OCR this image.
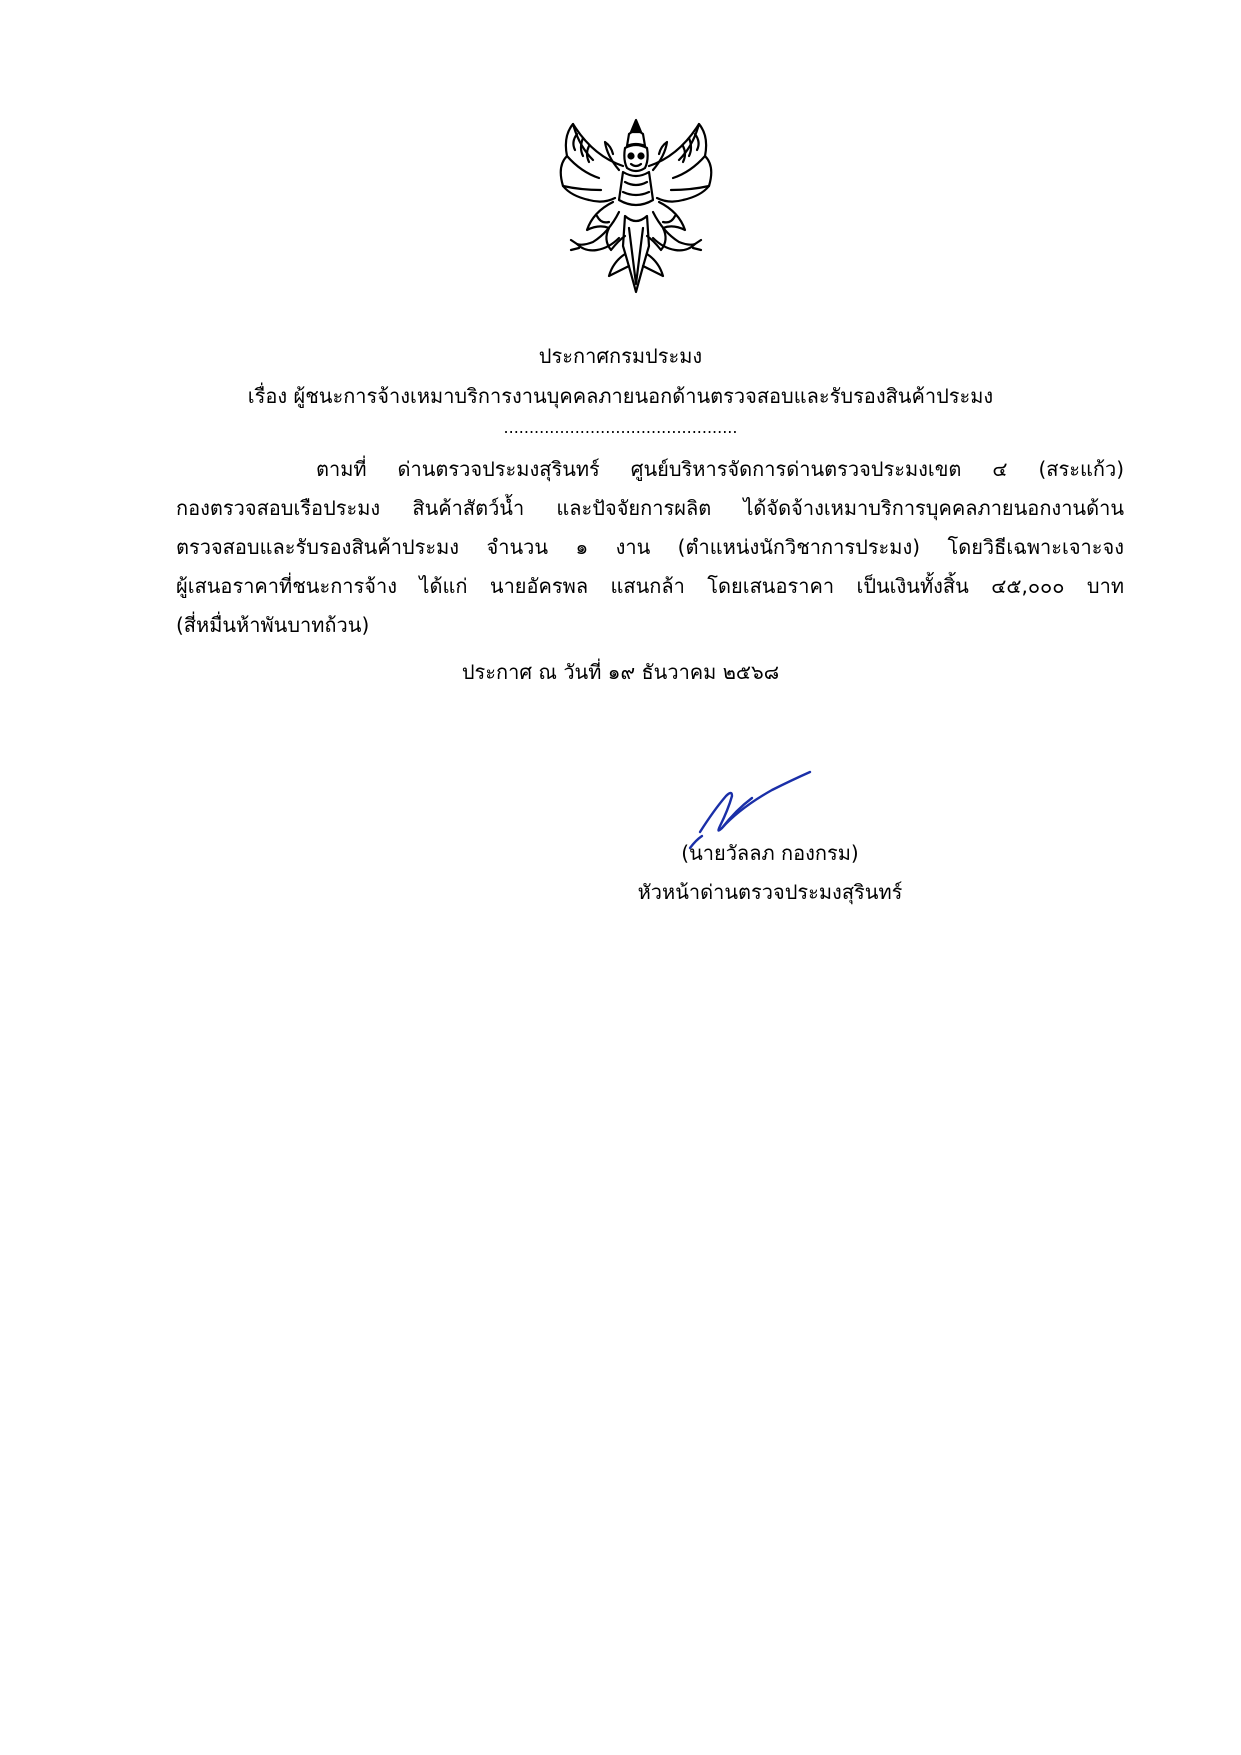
ประกาศกรมประมง
เรื่อง ผู้ชนะการจ้างเหมาบริการงานบุคคลภายนอกด้านตรวจสอบและรับรองสินค้าประมง
..............................................
ตามที่ ด่านตรวจประมงสุรินทร์ ศูนย์บริหารจัดการด่านตรวจประมงเขต ๔ (สระแก้ว)
กองตรวจสอบเรือประมง สินค้าสัตว์น้ำ และปัจจัยการผลิต ได้จัดจ้างเหมาบริการบุคคลภายนอกงานด้าน
ตรวจสอบและรับรองสินค้าประมง จำนวน ๑ งาน (ตำแหน่งนักวิชาการประมง) โดยวิธีเฉพาะเจาะจง
ผู้เสนอราคาที่ชนะการจ้าง ได้แก่ นายอัครพล แสนกล้า โดยเสนอราคา เป็นเงินทั้งสิ้น ๔๕,๐๐๐ บาท
(สี่หมื่นห้าพันบาทถ้วน)
ประกาศ ณ วันที่ ๑๙ ธันวาคม ๒๕๖๘
(นายวัลลภ กองกรม)
หัวหน้าด่านตรวจประมงสุรินทร์
